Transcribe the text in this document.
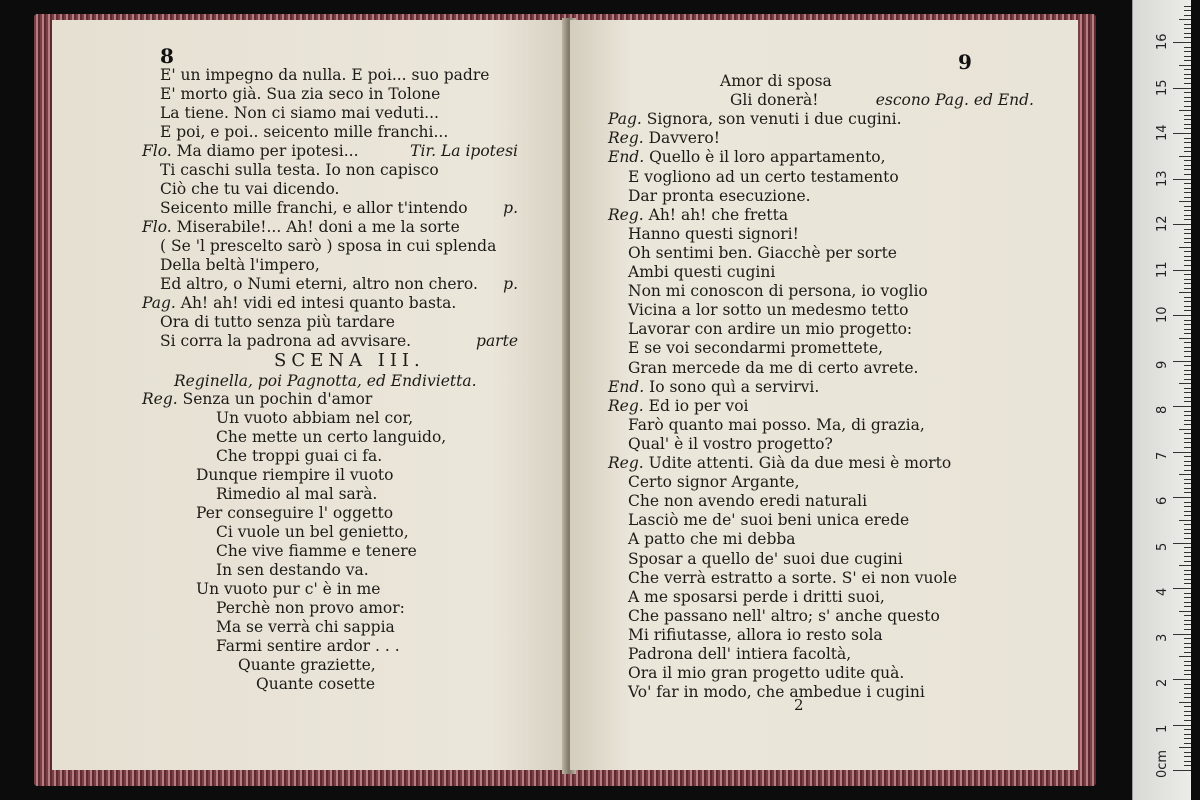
8
E' un impegno da nulla. E poi... suo padre
E' morto già. Sua zia seco in Tolone
La tiene. Non ci siamo mai veduti...
E poi, e poi.. seicento mille franchi...
Flo. Ma diamo per ipotesi...	Tir. La ipotesi
Ti caschi sulla testa. Io non capisco
Ciò che tu vai dicendo.
Seicento mille franchi, e allor t'intendo p.
Flo. Miserabile!... Ah! doni a me la sorte
( Se 'l prescelto sarò ) sposa in cui splenda
Della beltà l'impero,
Ed altro, o Numi eterni, altro non chero. p.
Pag. Ah! ah! vidi ed intesi quanto basta.
Ora di tutto senza più tardare
Si corra la padrona ad avvisare.	parte
SCENA III.
Reginella, poi Pagnotta, ed Endivietta.
Reg. Senza un pochin d'amor
Un vuoto abbiam nel cor,
Che mette un certo languido,
Che troppi guai ci fa.
Dunque riempire il vuoto
Rimedio al mal sarà.
Per conseguire l' oggetto
Ci vuole un bel genietto,
Che vive fiamme e tenere
In sen destando va.
Un vuoto pur c' è in me
Perchè non provo amor:
Ma se verrà chi sappia
Farmi sentire ardor . . .
Quante graziette,
Quante cosette
9
Amor di sposa
Gli donerà!	escono Pag. ed End.
Pag. Signora, son venuti i due cugini.
Reg. Davvero!
End. Quello è il loro appartamento,
E vogliono ad un certo testamento
Dar pronta esecuzione.
Reg. Ah! ah! che fretta
Hanno questi signori!
Oh sentimi ben. Giacchè per sorte
Ambi questi cugini
Non mi conoscon di persona, io voglio
Vicina a lor sotto un medesmo tetto
Lavorar con ardire un mio progetto:
E se voi secondarmi promettete,
Gran mercede da me di certo avrete.
End. Io sono quì a servirvi.
Reg. Ed io per voi
Farò quanto mai posso. Ma, di grazia,
Qual' è il vostro progetto?
Reg. Udite attenti. Già da due mesi è morto
Certo signor Argante,
Che non avendo eredi naturali
Lasciò me de' suoi beni unica erede
A patto che mi debba
Sposar a quello de' suoi due cugini
Che verrà estratto a sorte. S' ei non vuole
A me sposarsi perde i dritti suoi,
Che passano nell' altro; s' anche questo
Mi rifiutasse, allora io resto sola
Padrona dell' intiera facoltà,
Ora il mio gran progetto udite quà.
Vo' far in modo, che ambedue i cugini
2
0cm
1
2
3
4
5
6
7
8
9
10
11
12
13
14
15
16
